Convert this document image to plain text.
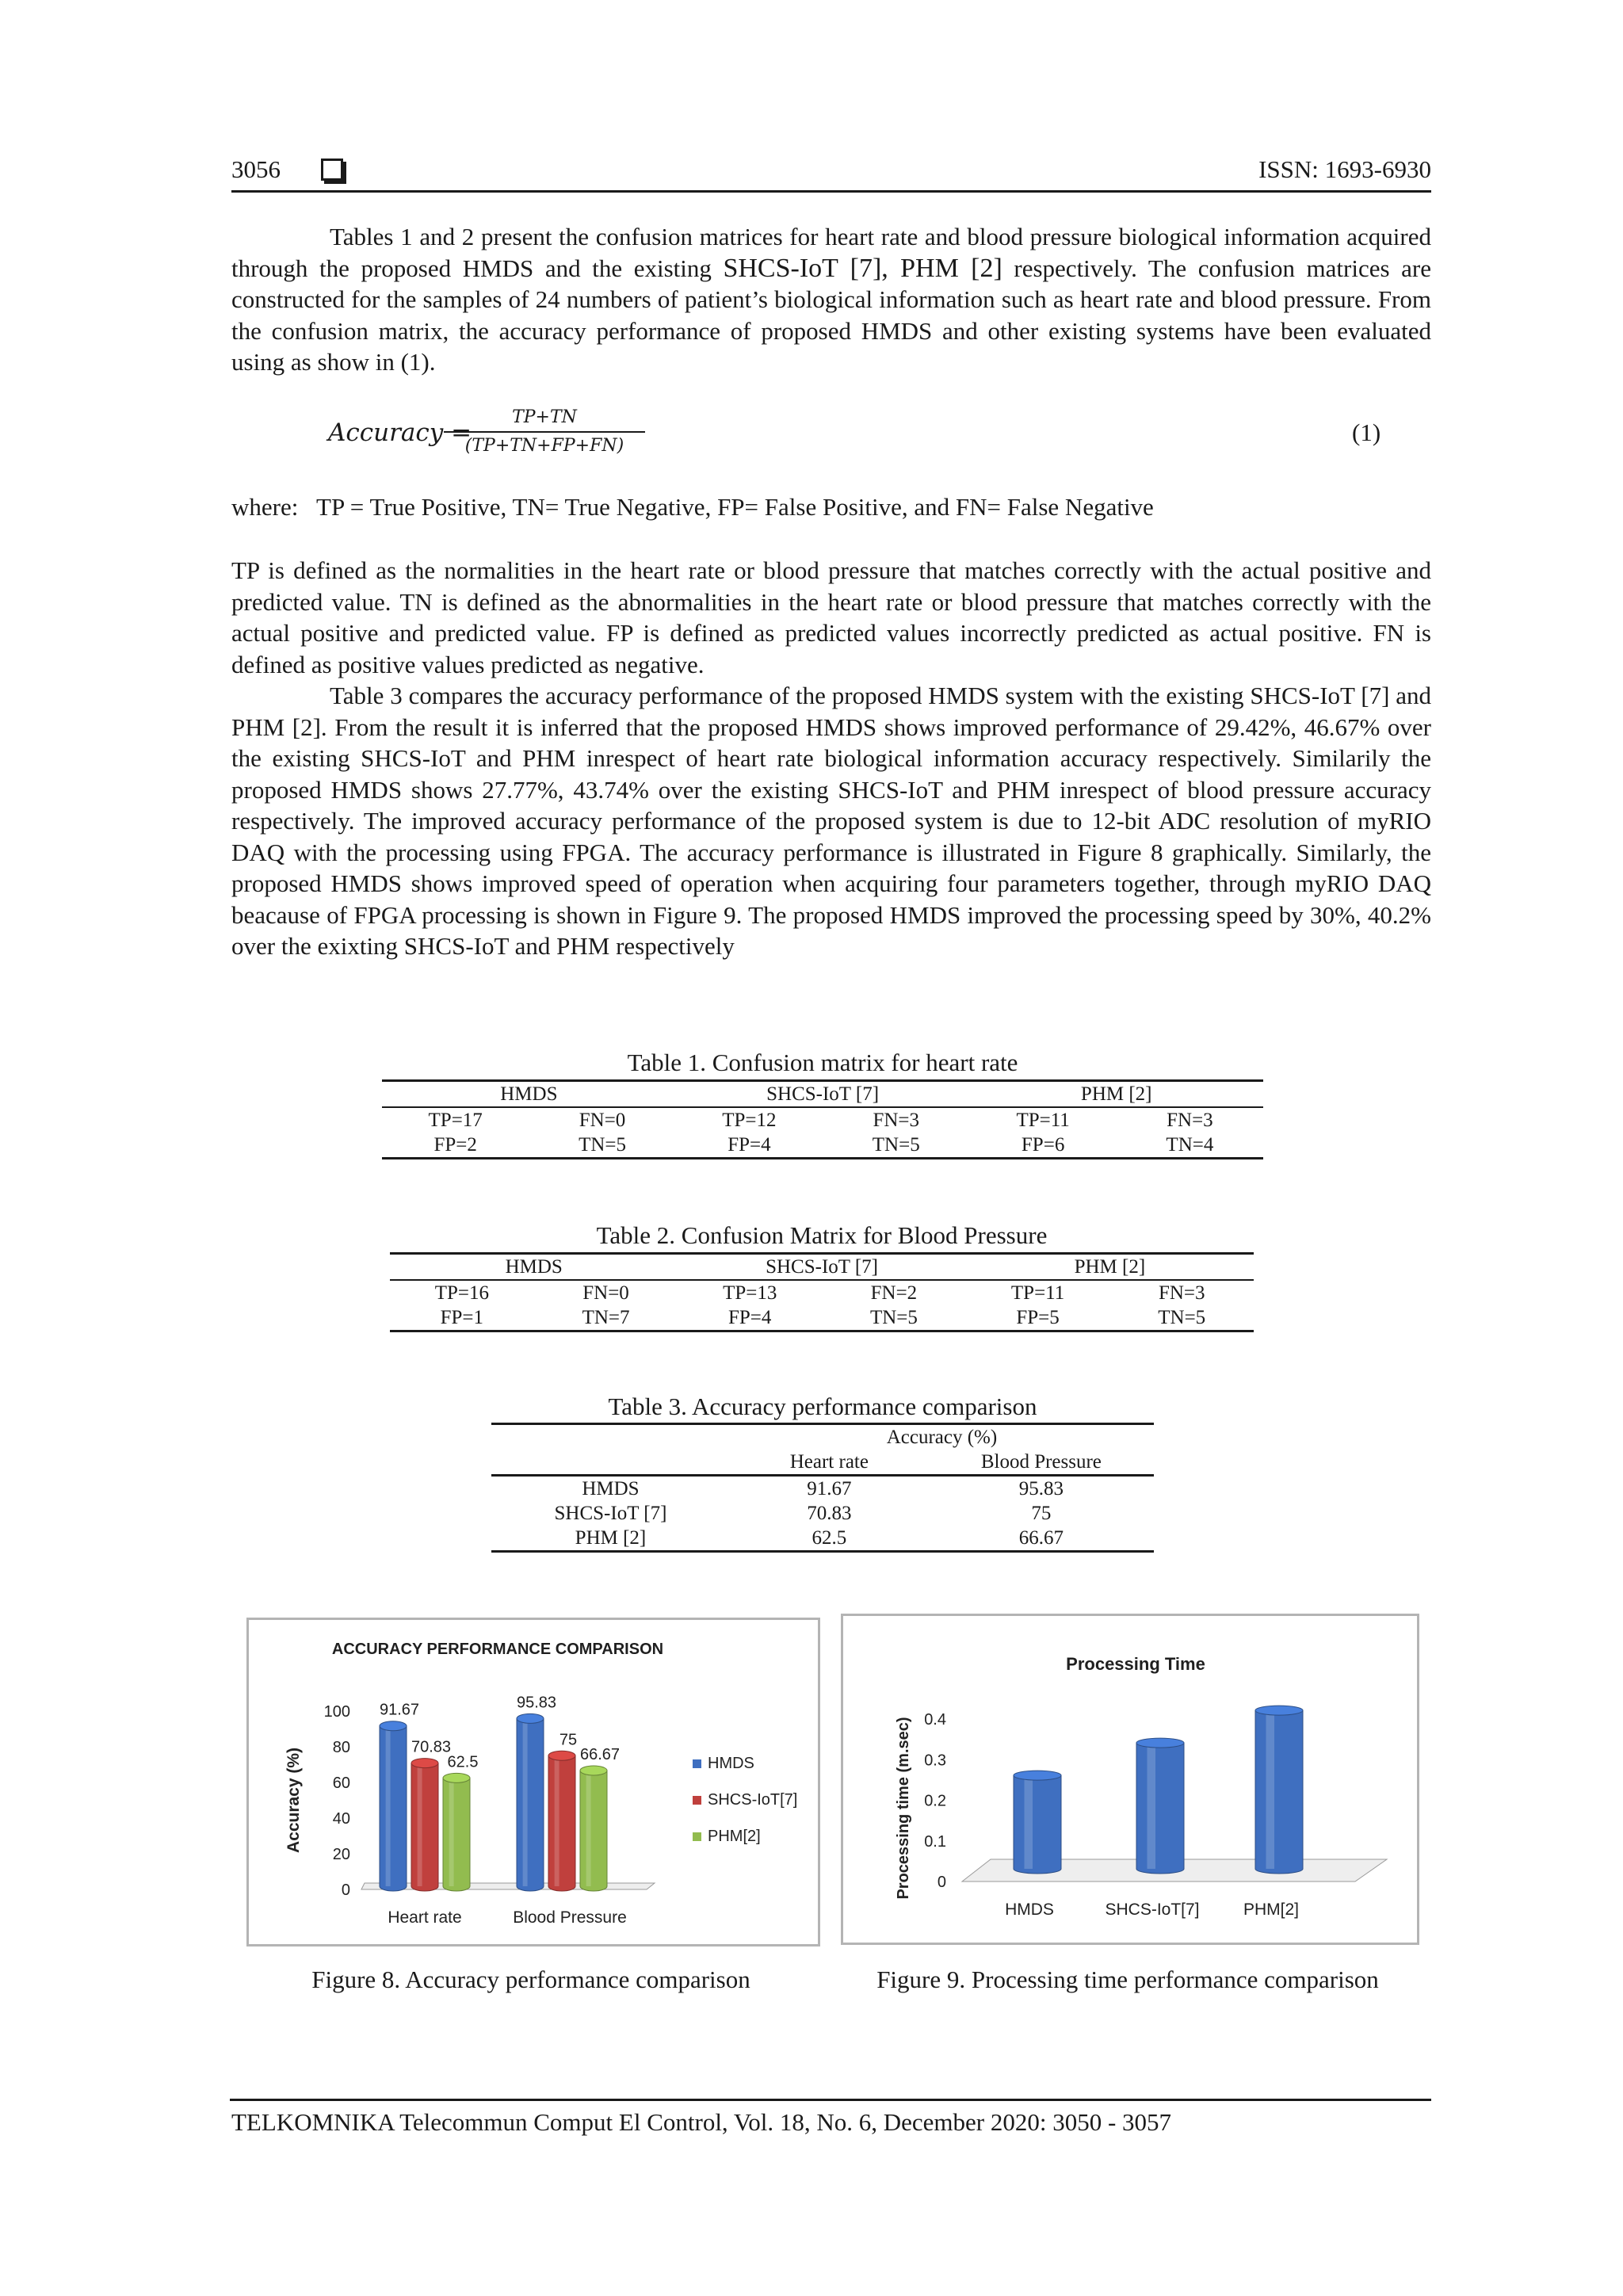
3056	ISSN: 1693-6930

Tables 1 and 2 present the confusion matrices for heart rate and blood pressure biological information acquired through the proposed HMDS and the existing SHCS-IoT [7], PHM [2] respectively. The confusion matrices are constructed for the samples of 24 numbers of patient’s biological information such as heart rate and blood pressure. From the confusion matrix, the accuracy performance of proposed HMDS and other existing systems have been evaluated using as show in (1).

Accuracy =
TP+TN
(TP+TN+FP+FN)	(1)

where:   TP = True Positive, TN= True Negative, FP= False Positive, and FN= False Negative

TP is defined as the normalities in the heart rate or blood pressure that matches correctly with the actual positive and predicted value. TN is defined as the abnormalities in the heart rate or blood pressure that matches correctly with the actual positive and predicted value. FP is defined as predicted values incorrectly predicted as actual positive. FN is defined as positive values predicted as negative.

Table 3 compares the accuracy performance of the proposed HMDS system with the existing SHCS-IoT [7] and PHM [2]. From the result it is inferred that the proposed HMDS shows improved performance of 29.42%, 46.67% over the existing SHCS-IoT and PHM inrespect of heart rate biological information accuracy respectively. Similarily the proposed HMDS shows 27.77%, 43.74% over the existing SHCS-IoT and PHM inrespect of blood pressure accuracy respectively. The improved accuracy performance of the proposed system is due to 12-bit ADC resolution of myRIO DAQ with the processing using FPGA. The accuracy performance is illustrated in Figure 8 graphically. Similarly, the proposed HMDS shows improved speed of operation when acquiring four parameters together, through myRIO DAQ beacause of FPGA processing is shown in Figure 9. The proposed HMDS improved the processing speed by 30%, 40.2% over the exixting SHCS-IoT and PHM respectively

Table 1. Confusion matrix for heart rate
HMDS		SHCS-IoT [7]		PHM [2]	
TP=17	FN=0	TP=12	FN=3	TP=11	FN=3
FP=2	TN=5	FP=4	TN=5	FP=6	TN=4
Table 2. Confusion Matrix for Blood Pressure
HMDS		SHCS-IoT [7]		PHM [2]	
TP=16	FN=0	TP=13	FN=2	TP=11	FN=3
FP=1	TN=7	FP=4	TN=5	FP=5	TN=5
Table 3. Accuracy performance comparison
	Accuracy (%)	
	Heart rate	Blood Pressure
HMDS	91.67	95.83
SHCS-IoT [7]	70.83	75
PHM [2]	62.5	66.67
ACCURACY PERFORMANCE COMPARISON
0
20
40
60
80
100
Accuracy (%)
Heart rate
91.67
70.83
62.5
Blood Pressure
95.83
75
66.67
HMDS
SHCS-IoT[7]
PHM[2]
Figure 8. Accuracy performance comparison
Processing Time
0
0.1
0.2
0.3
0.4
Processing time (m.sec)
HMDS	SHCS-IoT[7]	PHM[2]
Figure 9. Processing time performance comparison
TELKOMNIKA Telecommun Comput El Control, Vol. 18, No. 6, December 2020: 3050 - 3057
